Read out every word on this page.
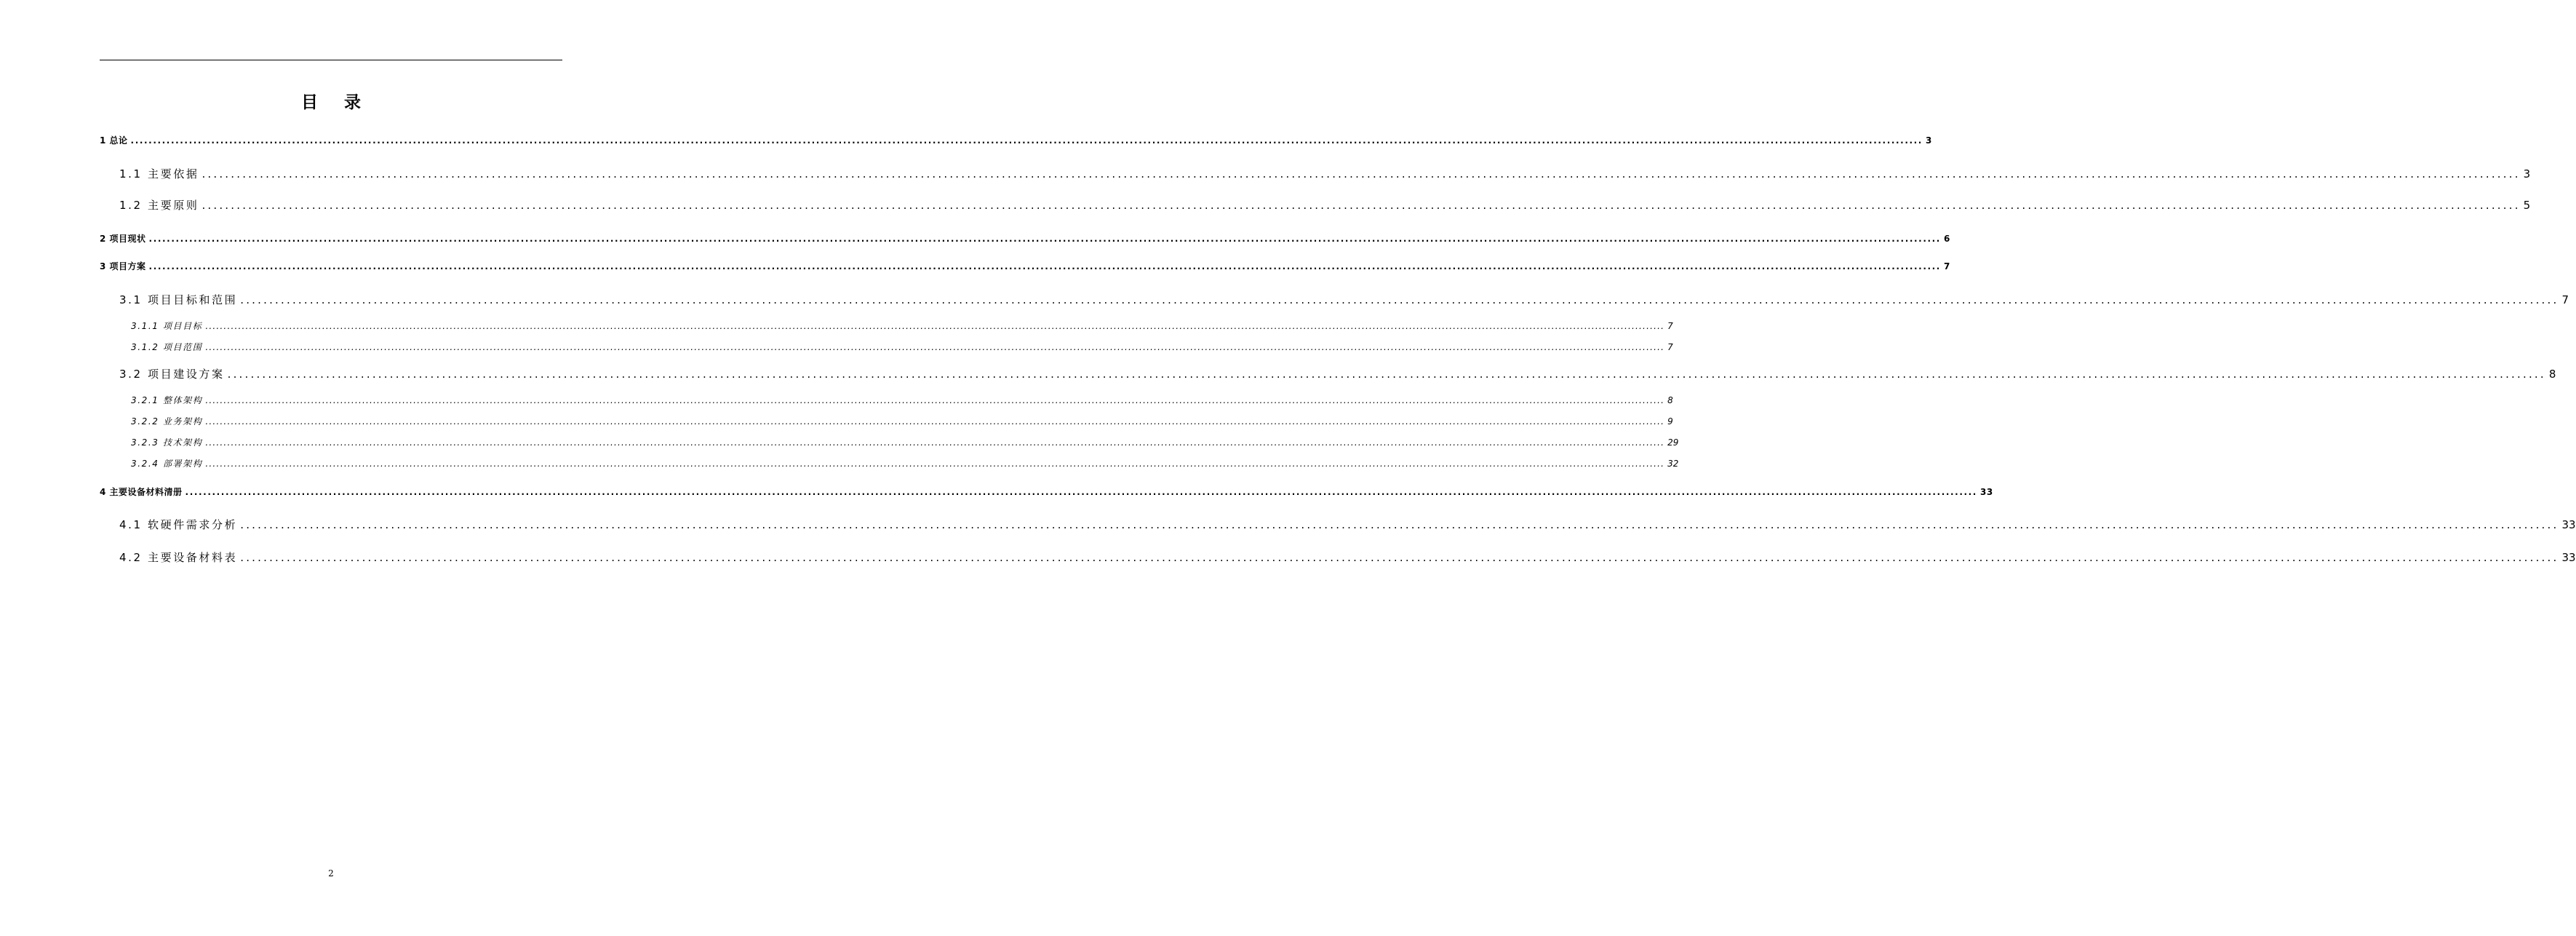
目 录
1 总论 ................................................................................................................................................................................................................................................................................................................................................................................................................ 3
1.1 主要依据 ................................................................................................................................................................................................................................................................................................................................................................................................................ 3
1.2 主要原则 ................................................................................................................................................................................................................................................................................................................................................................................................................ 5
2 项目现状 ................................................................................................................................................................................................................................................................................................................................................................................................................ 6
3 项目方案 ................................................................................................................................................................................................................................................................................................................................................................................................................ 7
3.1 项目目标和范围 ................................................................................................................................................................................................................................................................................................................................................................................................................ 7
3.1.1 项目目标 ................................................................................................................................................................................................................................................................................................................................................................................................................ 7
3.1.2 项目范围 ................................................................................................................................................................................................................................................................................................................................................................................................................ 7
3.2 项目建设方案 ................................................................................................................................................................................................................................................................................................................................................................................................................ 8
3.2.1 整体架构 ................................................................................................................................................................................................................................................................................................................................................................................................................ 8
3.2.2 业务架构 ................................................................................................................................................................................................................................................................................................................................................................................................................ 9
3.2.3 技术架构 ................................................................................................................................................................................................................................................................................................................................................................................................................ 29
3.2.4 部署架构 ................................................................................................................................................................................................................................................................................................................................................................................................................ 32
4 主要设备材料清册 ................................................................................................................................................................................................................................................................................................................................................................................................................ 33
4.1 软硬件需求分析 ................................................................................................................................................................................................................................................................................................................................................................................................................ 33
4.2 主要设备材料表 ................................................................................................................................................................................................................................................................................................................................................................................................................ 33
2
